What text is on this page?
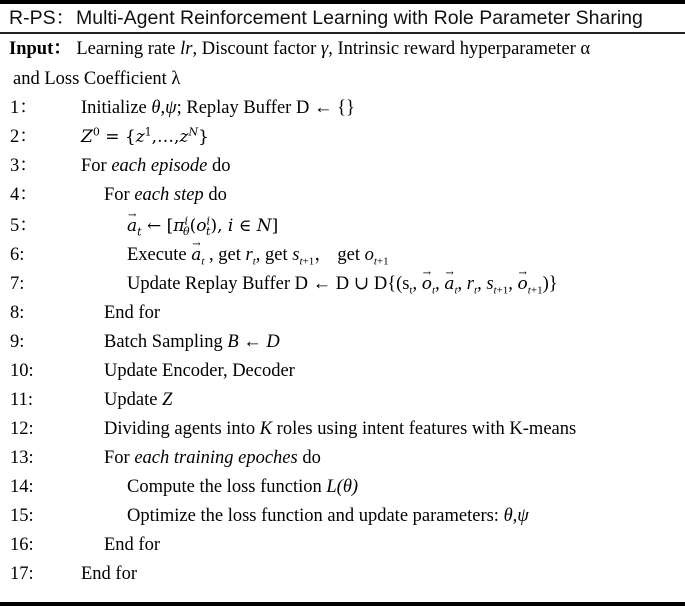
R-PS： Multi-Agent Reinforcement Learning with Role Parameter Sharing
Input： Learning rate lr, Discount factor γ, Intrinsic reward hyperparameter α
and Loss Coefficient λ
1： Initialize θ,ψ; Replay Buffer D ← {}
2：	$Z^0$ = $\{z^1,\dots,z^N\}$
3： For each episode do
4：	For each step do
5：	→ $a_t$ ← [$\pi^i_\theta(o^i_t)$, i ∈ N]
6:	Execute → $a_t$ , get $r_t$, get $s_{t+1}$， get $o_{t+1}$
7:	Update Replay Buffer D ← D ∪ $D\{(s_t$, → $o_t$, → $a_t$, $r_t$, $s_{t+1}$, → $o_{t+1}$)}
8:	End for
9:	Batch Sampling B ← D
10:	Update Encoder, Decoder
11:	Update Z
12:	Dividing agents into K roles using intent features with K-means
13:	For each training epoches do
14:	Compute the loss function L(θ)
15:	Optimize the loss function and update parameters: θ,ψ
16:	End for
17:	End for
